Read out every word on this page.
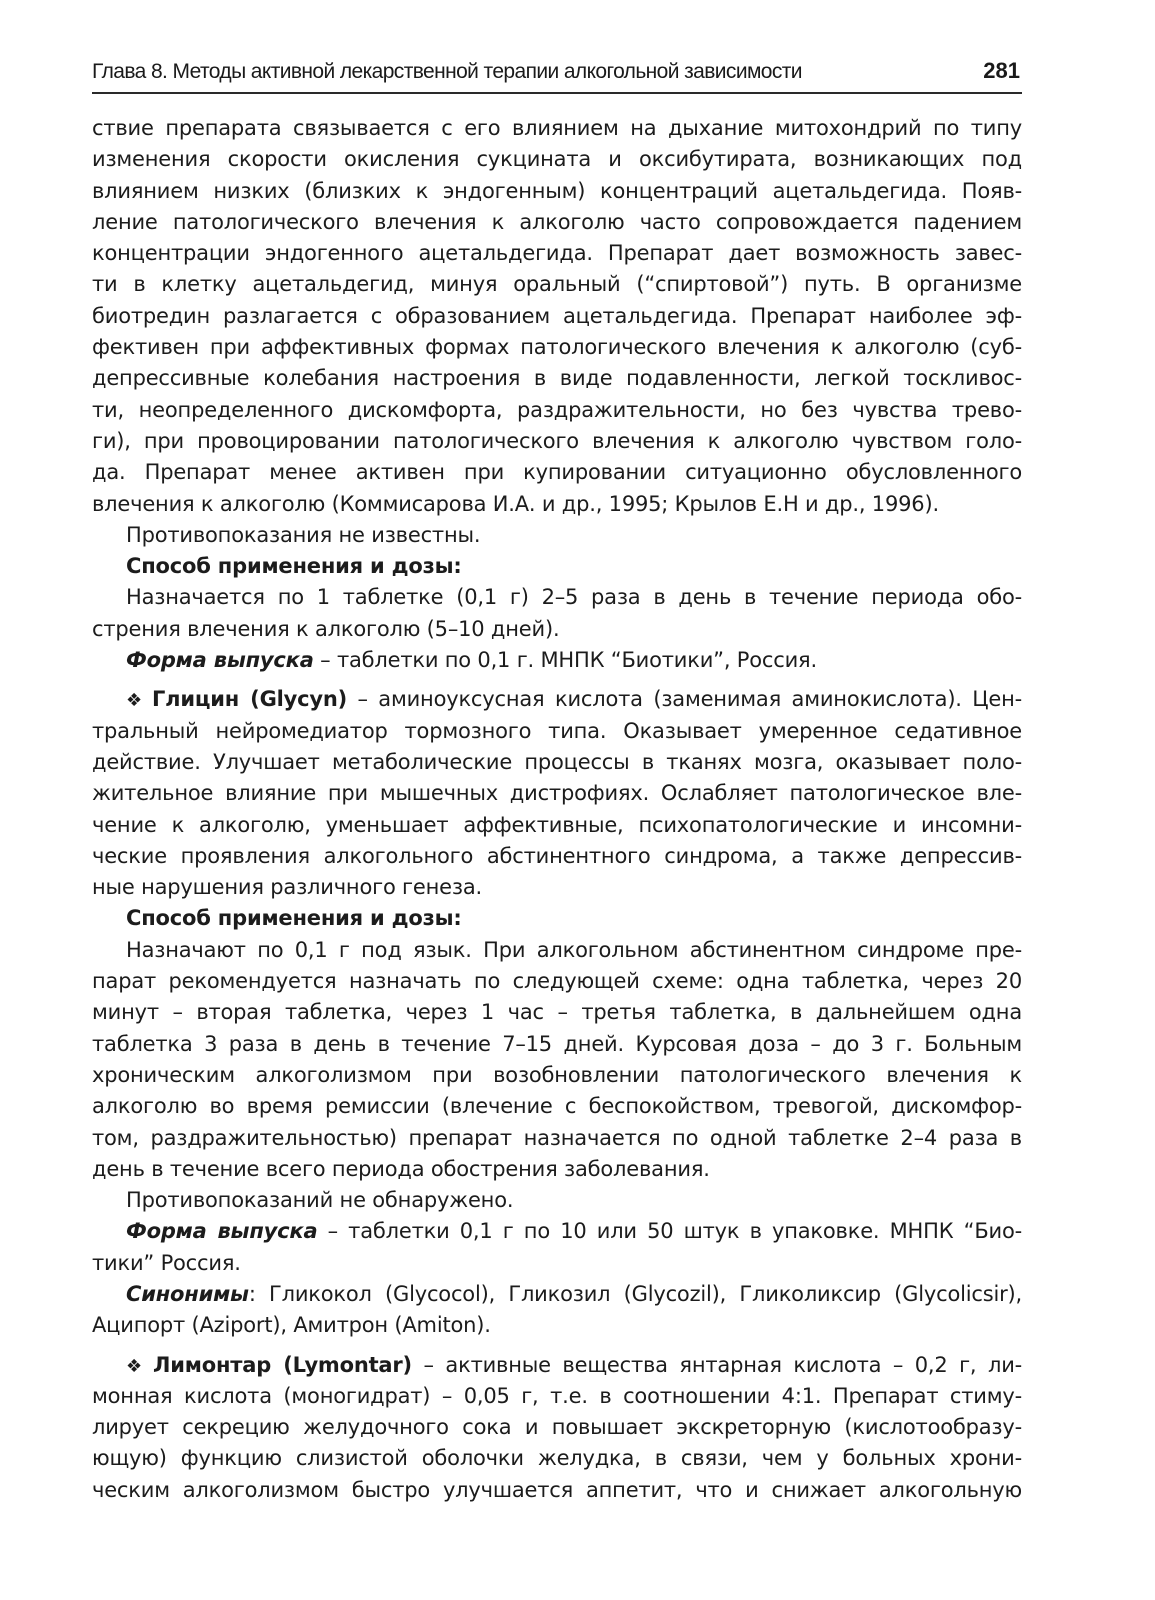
Глава 8. Методы активной лекарственной терапии алкогольной зависимости	281
ствие препарата связывается с его влиянием на дыхание митохондрий по типу
изменения скорости окисления сукцината и оксибутирата, возникающих под
влиянием низких (близких к эндогенным) концентраций ацетальдегида. Появ-
ление патологического влечения к алкоголю часто сопровождается падением
концентрации эндогенного ацетальдегида. Препарат дает возможность завес-
ти в клетку ацетальдегид, минуя оральный (“спиртовой”) путь. В организме
биотредин разлагается с образованием ацетальдегида. Препарат наиболее эф-
фективен при аффективных формах патологического влечения к алкоголю (суб-
депрессивные колебания настроения в виде подавленности, легкой тоскливос-
ти, неопределенного дискомфорта, раздражительности, но без чувства трево-
ги), при провоцировании патологического влечения к алкоголю чувством голо-
да. Препарат менее активен при купировании ситуационно обусловленного
влечения к алкоголю (Коммисарова И.А. и др., 1995; Крылов Е.Н и др., 1996).
Противопоказания не известны.
Способ применения и дозы:
Назначается по 1 таблетке (0,1 г) 2–5 раза в день в течение периода обо-
стрения влечения к алкоголю (5–10 дней).
Форма выпуска – таблетки по 0,1 г. МНПК “Биотики”, Россия.
❖ Глицин (Glycyn) – аминоуксусная кислота (заменимая аминокислота). Цен-
тральный нейромедиатор тормозного типа. Оказывает умеренное седативное
действие. Улучшает метаболические процессы в тканях мозга, оказывает поло-
жительное влияние при мышечных дистрофиях. Ослабляет патологическое вле-
чение к алкоголю, уменьшает аффективные, психопатологические и инсомни-
ческие проявления алкогольного абстинентного синдрома, а также депрессив-
ные нарушения различного генеза.
Способ применения и дозы:
Назначают по 0,1 г под язык. При алкогольном абстинентном синдроме пре-
парат рекомендуется назначать по следующей схеме: одна таблетка, через 20
минут – вторая таблетка, через 1 час – третья таблетка, в дальнейшем одна
таблетка 3 раза в день в течение 7–15 дней. Курсовая доза – до 3 г. Больным
хроническим алкоголизмом при возобновлении патологического влечения к
алкоголю во время ремиссии (влечение с беспокойством, тревогой, дискомфор-
том, раздражительностью) препарат назначается по одной таблетке 2–4 раза в
день в течение всего периода обострения заболевания.
Противопоказаний не обнаружено.
Форма выпуска – таблетки 0,1 г по 10 или 50 штук в упаковке. МНПК “Био-
тики” Россия.
Синонимы: Гликокол (Glycocol), Гликозил (Glycozil), Гликоликсир (Glycolicsir),
Аципорт (Aziport), Амитрон (Amiton).
❖ Лимонтар (Lymontar) – активные вещества янтарная кислота – 0,2 г, ли-
монная кислота (моногидрат) – 0,05 г, т.е. в соотношении 4:1. Препарат стиму-
лирует секрецию желудочного сока и повышает экскреторную (кислотообразу-
ющую) функцию слизистой оболочки желудка, в связи, чем у больных хрони-
ческим алкоголизмом быстро улучшается аппетит, что и снижает алкогольную
